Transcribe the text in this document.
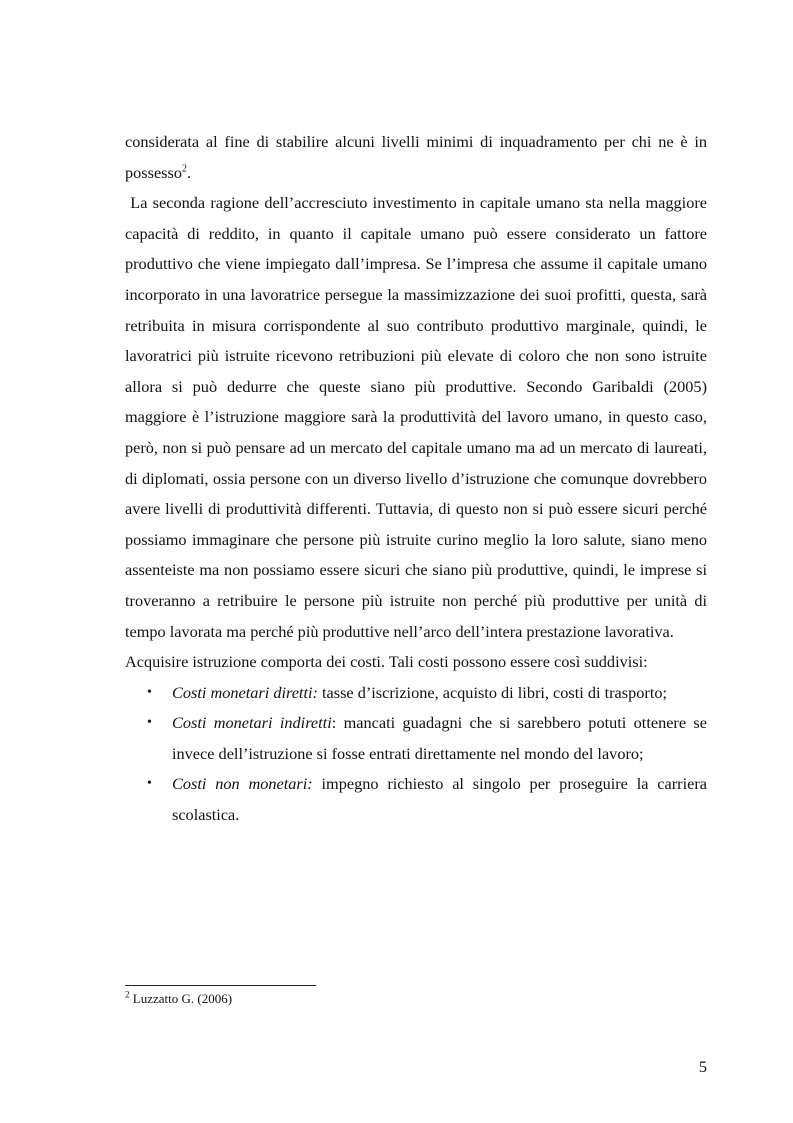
considerata al fine di stabilire alcuni livelli minimi di inquadramento per chi ne è in possesso$^2$.

La seconda ragione dell’accresciuto investimento in capitale umano sta nella maggiore capacità di reddito, in quanto il capitale umano può essere considerato un fattore produttivo che viene impiegato dall’impresa. Se l’impresa che assume il capitale umano incorporato in una lavoratrice persegue la massimizzazione dei suoi profitti, questa, sarà retribuita in misura corrispondente al suo contributo produttivo marginale, quindi, le lavoratrici più istruite ricevono retribuzioni più elevate di coloro che non sono istruite allora si può dedurre che queste siano più produttive. Secondo Garibaldi (2005) maggiore è l’istruzione maggiore sarà la produttività del lavoro umano, in questo caso, però, non si può pensare ad un mercato del capitale umano ma ad un mercato di laureati, di diplomati, ossia persone con un diverso livello d’istruzione che comunque dovrebbero avere livelli di produttività differenti. Tuttavia, di questo non si può essere sicuri perché possiamo immaginare che persone più istruite curino meglio la loro salute, siano meno assenteiste ma non possiamo essere sicuri che siano più produttive, quindi, le imprese si troveranno a retribuire le persone più istruite non perché più produttive per unità di tempo lavorata ma perché più produttive nell’arco dell’intera prestazione lavorativa.

Acquisire istruzione comporta dei costi. Tali costi possono essere così suddivisi:

• Costi monetari diretti: tasse d’iscrizione, acquisto di libri, costi di trasporto;
• Costi monetari indiretti: mancati guadagni che si sarebbero potuti ottenere se invece dell’istruzione si fosse entrati direttamente nel mondo del lavoro;
• Costi non monetari: impegno richiesto al singolo per proseguire la carriera scolastica.
$^2$ Luzzatto G. (2006)
5
